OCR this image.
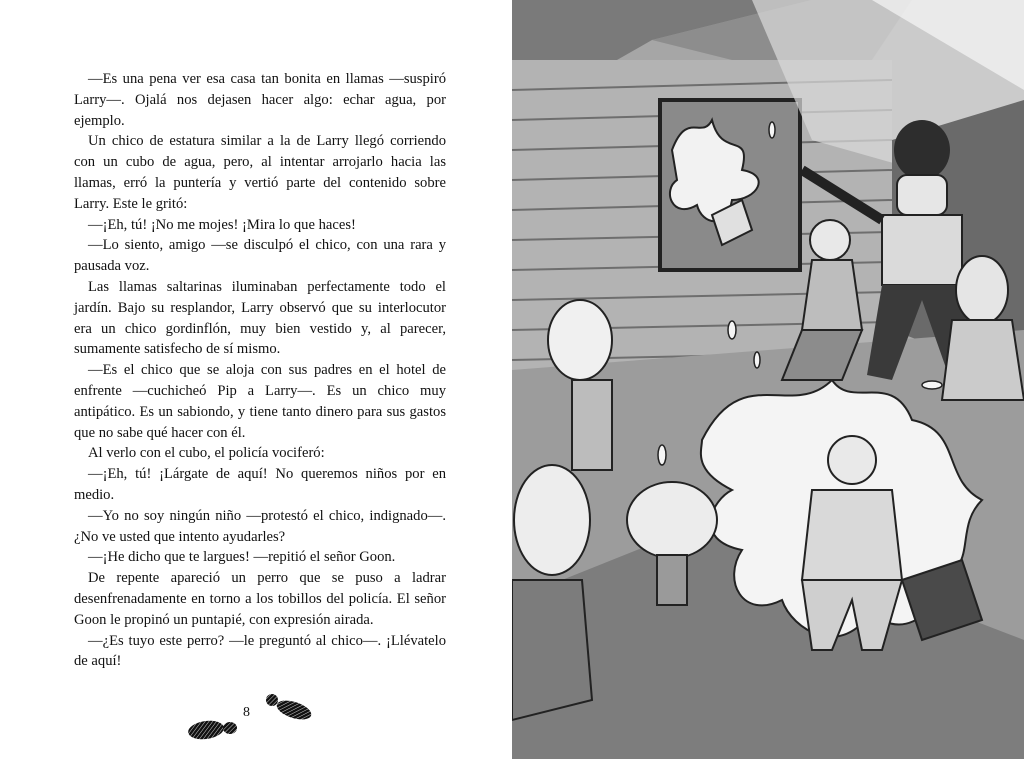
—Es una pena ver esa casa tan bonita en llamas —suspiró Larry—. Ojalá nos dejasen hacer algo: echar agua, por ejemplo.

Un chico de estatura similar a la de Larry llegó corriendo con un cubo de agua, pero, al intentar arrojarlo hacia las llamas, erró la puntería y vertió parte del contenido sobre Larry. Este le gritó:

—¡Eh, tú! ¡No me mojes! ¡Mira lo que haces!

—Lo siento, amigo —se disculpó el chico, con una rara y pausada voz.

Las llamas saltarinas iluminaban perfectamente todo el jardín. Bajo su resplandor, Larry observó que su interlocutor era un chico gordinflón, muy bien vestido y, al parecer, sumamente satisfecho de sí mismo.

—Es el chico que se aloja con sus padres en el hotel de enfrente —cuchicheó Pip a Larry—. Es un chico muy antipático. Es un sabiondo, y tiene tanto dinero para sus gastos que no sabe qué hacer con él.

Al verlo con el cubo, el policía vociferó:

—¡Eh, tú! ¡Lárgate de aquí! No queremos niños por en medio.

—Yo no soy ningún niño —protestó el chico, indignado—. ¿No ve usted que intento ayudarles?

—¡He dicho que te largues! —repitió el señor Goon.

De repente apareció un perro que se puso a ladrar desenfrenadamente en torno a los tobillos del policía. El señor Goon le propinó un puntapié, con expresión airada.

—¿Es tuyo este perro? —le preguntó al chico—. ¡Llévatelo de aquí!

8
